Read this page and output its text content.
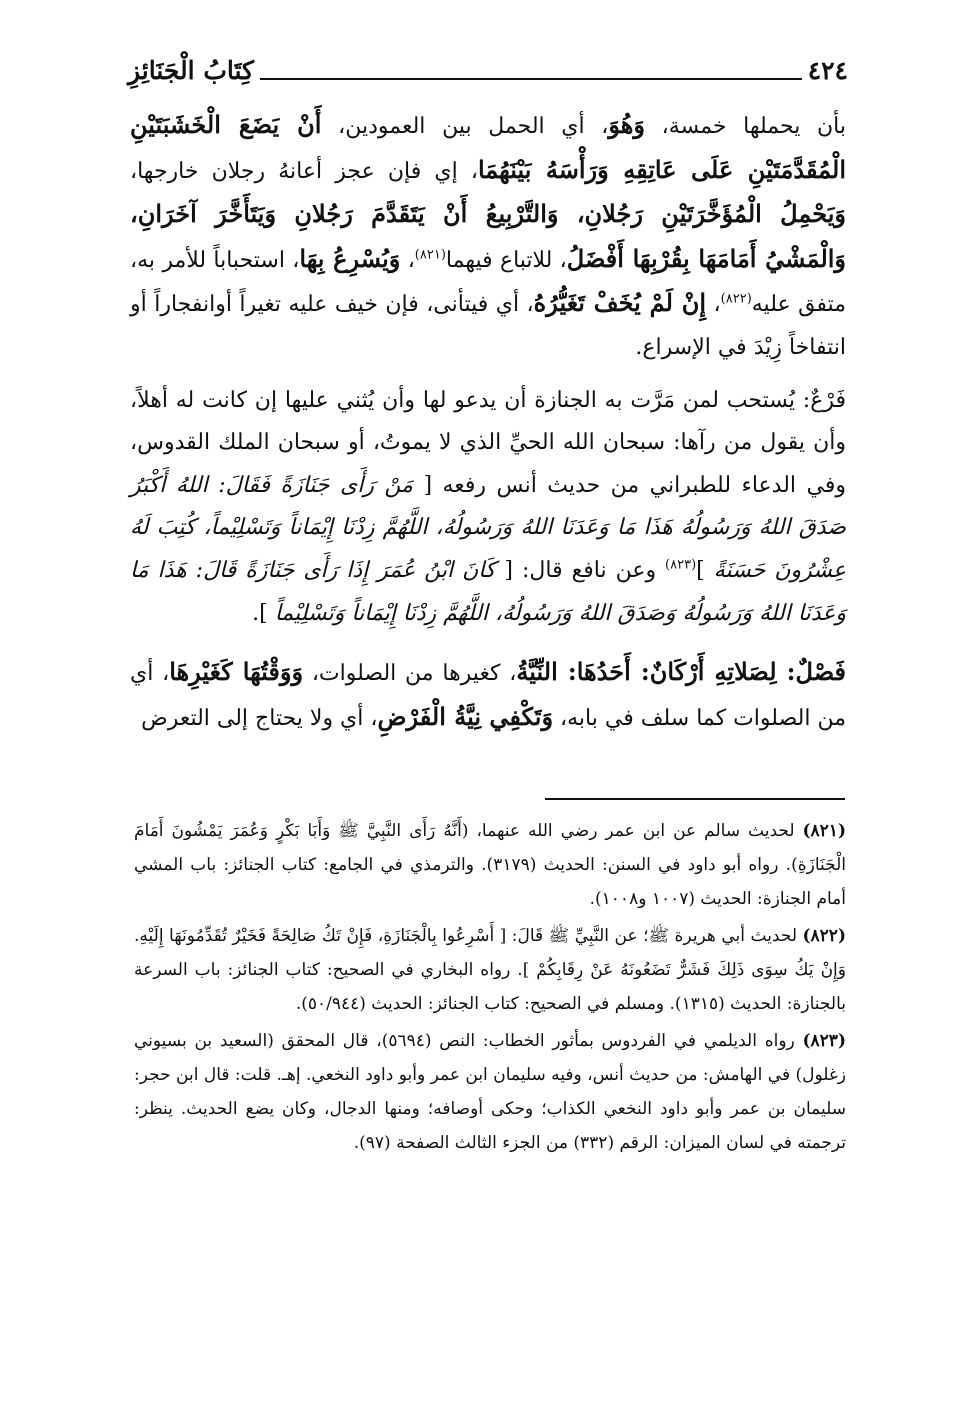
٤٢٤
كِتَابُ الْجَنَائِزِ

بأن يحملها خمسة، وَهُوَ، أي الحمل بين العمودين، أَنْ يَضَعَ الْخَشَبَتَيْنِ الْمُقَدَّمَتَيْنِ عَلَى عَاتِقِهِ وَرَأْسَهُ بَيْنَهُمَا، إي فإن عجز أعانهُ رجلان خارجها، وَيَحْمِلُ الْمُؤَخَّرَتَيْنِ رَجُلانِ، وَالتَّرْبِيعُ أَنْ يَتَقَدَّمَ رَجُلانِ وَيَتَأَخَّرَ آخَرَانِ، وَالْمَشْيُ أَمَامَهَا بِقُرْبِهَا أَفْضَلُ، للاتباع فيهما$^{(٨٢١)}$، وَيُسْرِعُ بِهَا، استحباباً للأمر به، متفق عليه$^{(٨٢٢)}$، إِنْ لَمْ يُخَفْ تَغَيُّرُهُ، أي فيتأنى، فإن خيف عليه تغيراً أوانفجاراً أو انتفاخاً زِيْدَ في الإسراع.

فَرْعٌ: يُستحب لمن مَرَّت به الجنازة أن يدعو لها وأن يُثني عليها إن كانت له أهلاً، وأن يقول من رآها: سبحان الله الحيِّ الذي لا يموتُ، أو سبحان الملك القدوس، وفي الدعاء للطبراني من حديث أنس رفعه [ مَنْ رَأَى جَنَازَةً فَقَالَ: اللهُ أَكْبَرُ صَدَقَ اللهُ وَرَسُولُهُ هَذَا مَا وَعَدَنَا اللهُ وَرَسُولُهُ، اللَّهُمَّ زِدْنَا إِيْمَاناً وَتَسْلِيْماً، كُتِبَ لَهُ عِشْرُونَ حَسَنَةً ]$^{(٨٢٣)}$ وعن نافع قال: [ كَانَ ابْنُ عُمَرَ إِذَا رَأَى جَنَازَةً قَالَ: هَذَا مَا وَعَدَنَا اللهُ وَرَسُولُهُ وَصَدَقَ اللهُ وَرَسُولُهُ، اللَّهُمَّ زِدْنَا إِيْمَاناً وَتَسْلِيْماً ].

فَصْلٌ: لِصَلاتِهِ أَرْكَانٌ: أَحَدُهَا: النِّيَّةُ، كغيرها من الصلوات، وَوَقْتُهَا كَغَيْرِهَا، أي من الصلوات كما سلف في بابه، وَتَكْفِي نِيَّةُ الْفَرْضِ، أي ولا يحتاج إلى التعرض

(٨٢١) لحديث سالم عن ابن عمر رضي الله عنهما، (أَنَّهُ رَأَى النَّبِيَّ ﷺ وَأَبَا بَكْرٍ وَعُمَرَ يَمْشُونَ أَمَامَ الْجَنَازَةِ). رواه أبو داود في السنن: الحديث (٣١٧٩). والترمذي في الجامع: كتاب الجنائز: باب المشي أمام الجنازة: الحديث (١٠٠٧ و١٠٠٨).

(٨٢٢) لحديث أبي هريرة ﷺ؛ عن النَّبِيِّ ﷺ قَالَ: [ أَسْرِعُوا بِالْجَنَازَةِ، فَإِنْ تَكُ صَالِحَةً فَخَيْرٌ تُقَدِّمُونَهَا إِلَيْهِ. وَإِنْ يَكُ سِوَى ذَلِكَ فَشَرٌّ تَضَعُونَهُ عَنْ رِقَابِكُمْ ]. رواه البخاري في الصحيح: كتاب الجنائز: باب السرعة بالجنازة: الحديث (١٣١٥). ومسلم في الصحيح: كتاب الجنائز: الحديث (٥٠/٩٤٤).

(٨٢٣) رواه الديلمي في الفردوس بمأثور الخطاب: النص (٥٦٩٤)، قال المحقق (السعيد بن بسيوني زغلول) في الهامش: من حديث أنس، وفيه سليمان ابن عمر وأبو داود النخعي. إهـ. قلت: قال ابن حجر: سليمان بن عمر وأبو داود النخعي الكذاب؛ وحكى أوصافه؛ ومنها الدجال، وكان يضع الحديث. ينظر: ترجمته في لسان الميزان: الرقم (٣٣٢) من الجزء الثالث الصفحة (٩٧).
